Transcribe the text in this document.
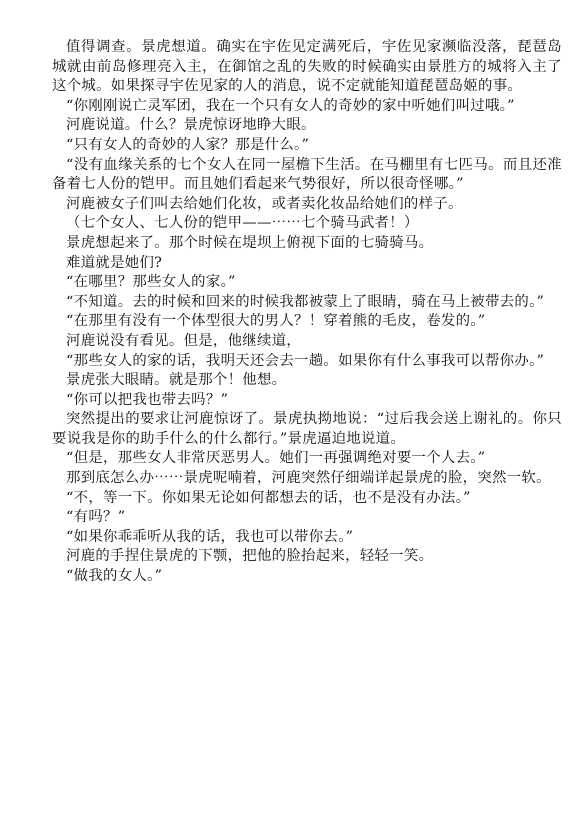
值得调查。景虎想道。确实在宇佐见定满死后，宇佐见家濒临没落，琵琶岛城就由前岛修理亮入主，在御馆之乱的失败的时候确实由景胜方的城将入主了这个城。如果探寻宇佐见家的人的消息，说不定就能知道琵琶岛姬的事。

“你刚刚说亡灵军团，我在一个只有女人的奇妙的家中听她们叫过哦。”

河鹿说道。什么？景虎惊讶地睁大眼。

“只有女人的奇妙的人家？那是什么。”

“没有血缘关系的七个女人在同一屋檐下生活。在马棚里有七匹马。而且还准备着七人份的铠甲。而且她们看起来气势很好，所以很奇怪哪。”

河鹿被女子们叫去给她们化妆，或者卖化妆品给她们的样子。

（七个女人、七人份的铠甲——⋯⋯七个骑马武者！）

景虎想起来了。那个时候在堤坝上俯视下面的七骑骑马。

难道就是她们?

“在哪里？那些女人的家。”

“不知道。去的时候和回来的时候我都被蒙上了眼睛，骑在马上被带去的。”

“在那里有没有一个体型很大的男人？！穿着熊的毛皮，卷发的。”

河鹿说没有看见。但是，他继续道，

“那些女人的家的话，我明天还会去一趟。如果你有什么事我可以帮你办。”

景虎张大眼睛。就是那个！他想。

“你可以把我也带去吗？”

突然提出的要求让河鹿惊讶了。景虎执拗地说：“过后我会送上谢礼的。你只要说我是你的助手什么的什么都行。”景虎逼迫地说道。

“但是，那些女人非常厌恶男人。她们一再强调绝对要一个人去。”

那到底怎么办⋯⋯景虎呢喃着，河鹿突然仔细端详起景虎的脸，突然一软。

“不，等一下。你如果无论如何都想去的话，也不是没有办法。”

“有吗？”

“如果你乖乖听从我的话，我也可以带你去。”

河鹿的手捏住景虎的下颚，把他的脸抬起来，轻轻一笑。

“做我的女人。”
